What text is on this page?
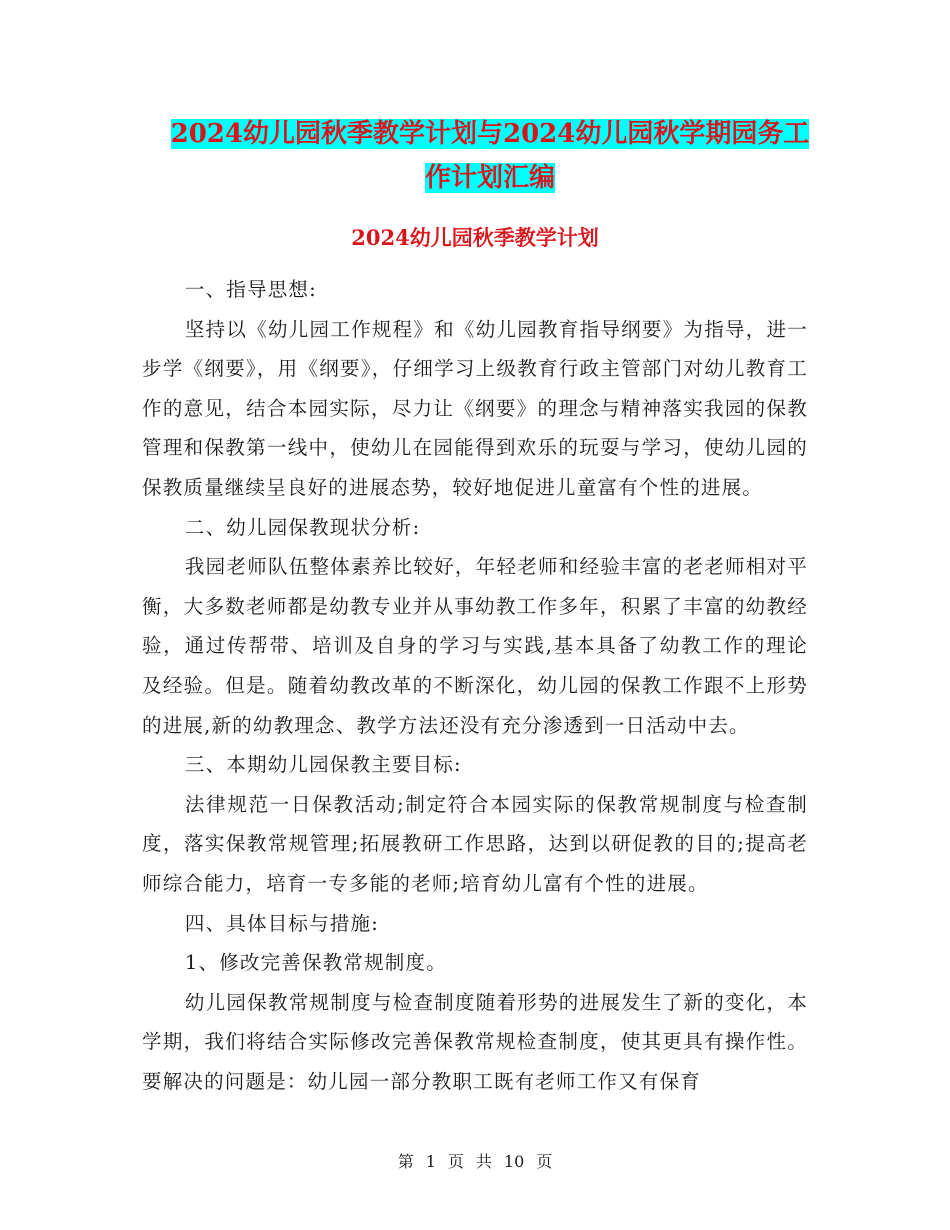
2024幼儿园秋季教学计划与2024幼儿园秋学期园务工
作计划汇编
2024幼儿园秋季教学计划

一、指导思想:

坚持以《幼儿园工作规程》和《幼儿园教育指导纲要》为指导，进一步学《纲要》，用《纲要》，仔细学习上级教育行政主管部门对幼儿教育工作的意见，结合本园实际，尽力让《纲要》的理念与精神落实我园的保教管理和保教第一线中，使幼儿在园能得到欢乐的玩耍与学习，使幼儿园的保教质量继续呈良好的进展态势，较好地促进儿童富有个性的进展。

二、幼儿园保教现状分析:

我园老师队伍整体素养比较好，年轻老师和经验丰富的老老师相对平衡，大多数老师都是幼教专业并从事幼教工作多年，积累了丰富的幼教经验，通过传帮带、培训及自身的学习与实践,基本具备了幼教工作的理论及经验。但是。随着幼教改革的不断深化，幼儿园的保教工作跟不上形势的进展,新的幼教理念、教学方法还没有充分渗透到一日活动中去。

三、本期幼儿园保教主要目标:

法律规范一日保教活动;制定符合本园实际的保教常规制度与检查制度，落实保教常规管理;拓展教研工作思路，达到以研促教的目的;提高老师综合能力，培育一专多能的老师;培育幼儿富有个性的进展。

四、具体目标与措施:

1、修改完善保教常规制度。

幼儿园保教常规制度与检查制度随着形势的进展发生了新的变化，本学期，我们将结合实际修改完善保教常规检查制度，使其更具有操作性。要解决的问题是：幼儿园一部分教职工既有老师工作又有保育

第 1 页 共 10 页
